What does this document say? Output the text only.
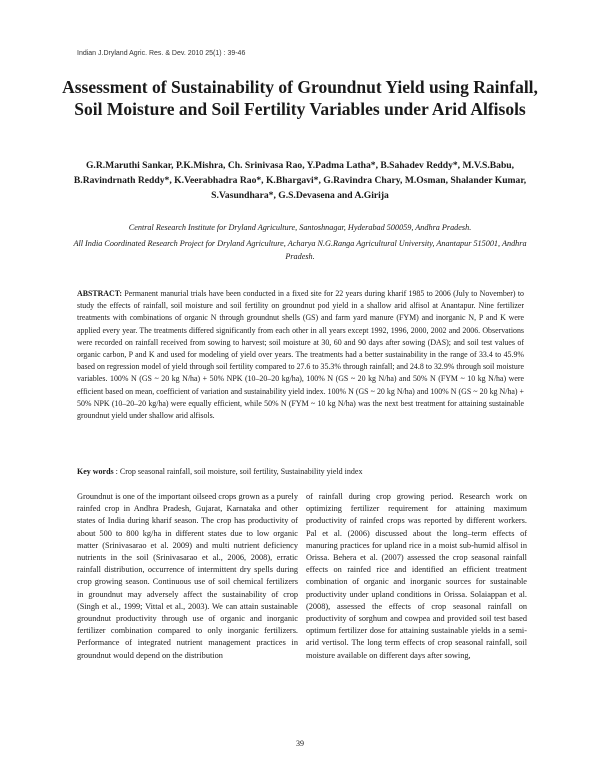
Indian J.Dryland Agric. Res. & Dev. 2010 25(1) : 39-46
Assessment of Sustainability of Groundnut Yield using Rainfall, Soil Moisture and Soil Fertility Variables under Arid Alfisols
G.R.Maruthi Sankar, P.K.Mishra, Ch. Srinivasa Rao, Y.Padma Latha*, B.Sahadev Reddy*, M.V.S.Babu, B.Ravindrnath Reddy*, K.Veerabhadra Rao*, K.Bhargavi*, G.Ravindra Chary, M.Osman, Shalander Kumar, S.Vasundhara*, G.S.Devasena and A.Girija
Central Research Institute for Dryland Agriculture, Santoshnagar, Hyderabad 500059, Andhra Pradesh.
All India Coordinated Research Project for Dryland Agriculture, Acharya N.G.Ranga Agricultural University, Anantapur 515001, Andhra Pradesh.
ABSTRACT: Permanent manurial trials have been conducted in a fixed site for 22 years during kharif 1985 to 2006 (July to November) to study the effects of rainfall, soil moisture and soil fertility on groundnut pod yield in a shallow arid alfisol at Anantapur. Nine fertilizer treatments with combinations of organic N through groundnut shells (GS) and farm yard manure (FYM) and inorganic N, P and K were applied every year. The treatments differed significantly from each other in all years except 1992, 1996, 2000, 2002 and 2006. Observations were recorded on rainfall received from sowing to harvest; soil moisture at 30, 60 and 90 days after sowing (DAS); and soil test values of organic carbon, P and K and used for modeling of yield over years. The treatments had a better sustainability in the range of 33.4 to 45.9% based on regression model of yield through soil fertility compared to 27.6 to 35.3% through rainfall; and 24.8 to 32.9% through soil moisture variables. 100% N (GS ~ 20 kg N/ha) + 50% NPK (10–20–20 kg/ha), 100% N (GS ~ 20 kg N/ha) and 50% N (FYM ~ 10 kg N/ha) were efficient based on mean, coefficient of variation and sustainability yield index. 100% N (GS ~ 20 kg N/ha) and 100% N (GS ~ 20 kg N/ha) + 50% NPK (10–20–20 kg/ha) were equally efficient, while 50% N (FYM ~ 10 kg N/ha) was the next best treatment for attaining sustainable groundnut yield under shallow arid alfisols.
Key words : Crop seasonal rainfall, soil moisture, soil fertility, Sustainability yield index
Groundnut is one of the important oilseed crops grown as a purely rainfed crop in Andhra Pradesh, Gujarat, Karnataka and other states of India during kharif season. The crop has productivity of about 500 to 800 kg/ha in different states due to low organic matter (Srinivasarao et al. 2009) and multi nutrient deficiency nutrients in the soil (Srinivasarao et al., 2006, 2008), erratic rainfall distribution, occurrence of intermittent dry spells during crop growing season. Continuous use of soil chemical fertilizers in groundnut may adversely affect the sustainability of crop (Singh et al., 1999; Vittal et al., 2003). We can attain sustainable groundnut productivity through use of organic and inorganic fertilizer combination compared to only inorganic fertilizers. Performance of integrated nutrient management practices in groundnut would depend on the distribution
of rainfall during crop growing period. Research work on optimizing fertilizer requirement for attaining maximum productivity of rainfed crops was reported by different workers. Pal et al. (2006) discussed about the long–term effects of manuring practices for upland rice in a moist sub-humid alfisol in Orissa. Behera et al. (2007) assessed the crop seasonal rainfall effects on rainfed rice and identified an efficient treatment combination of organic and inorganic sources for sustainable productivity under upland conditions in Orissa. Solaiappan et al. (2008), assessed the effects of crop seasonal rainfall on productivity of sorghum and cowpea and provided soil test based optimum fertilizer dose for attaining sustainable yields in a semi-arid vertisol. The long term effects of crop seasonal rainfall, soil moisture available on different days after sowing,
39
